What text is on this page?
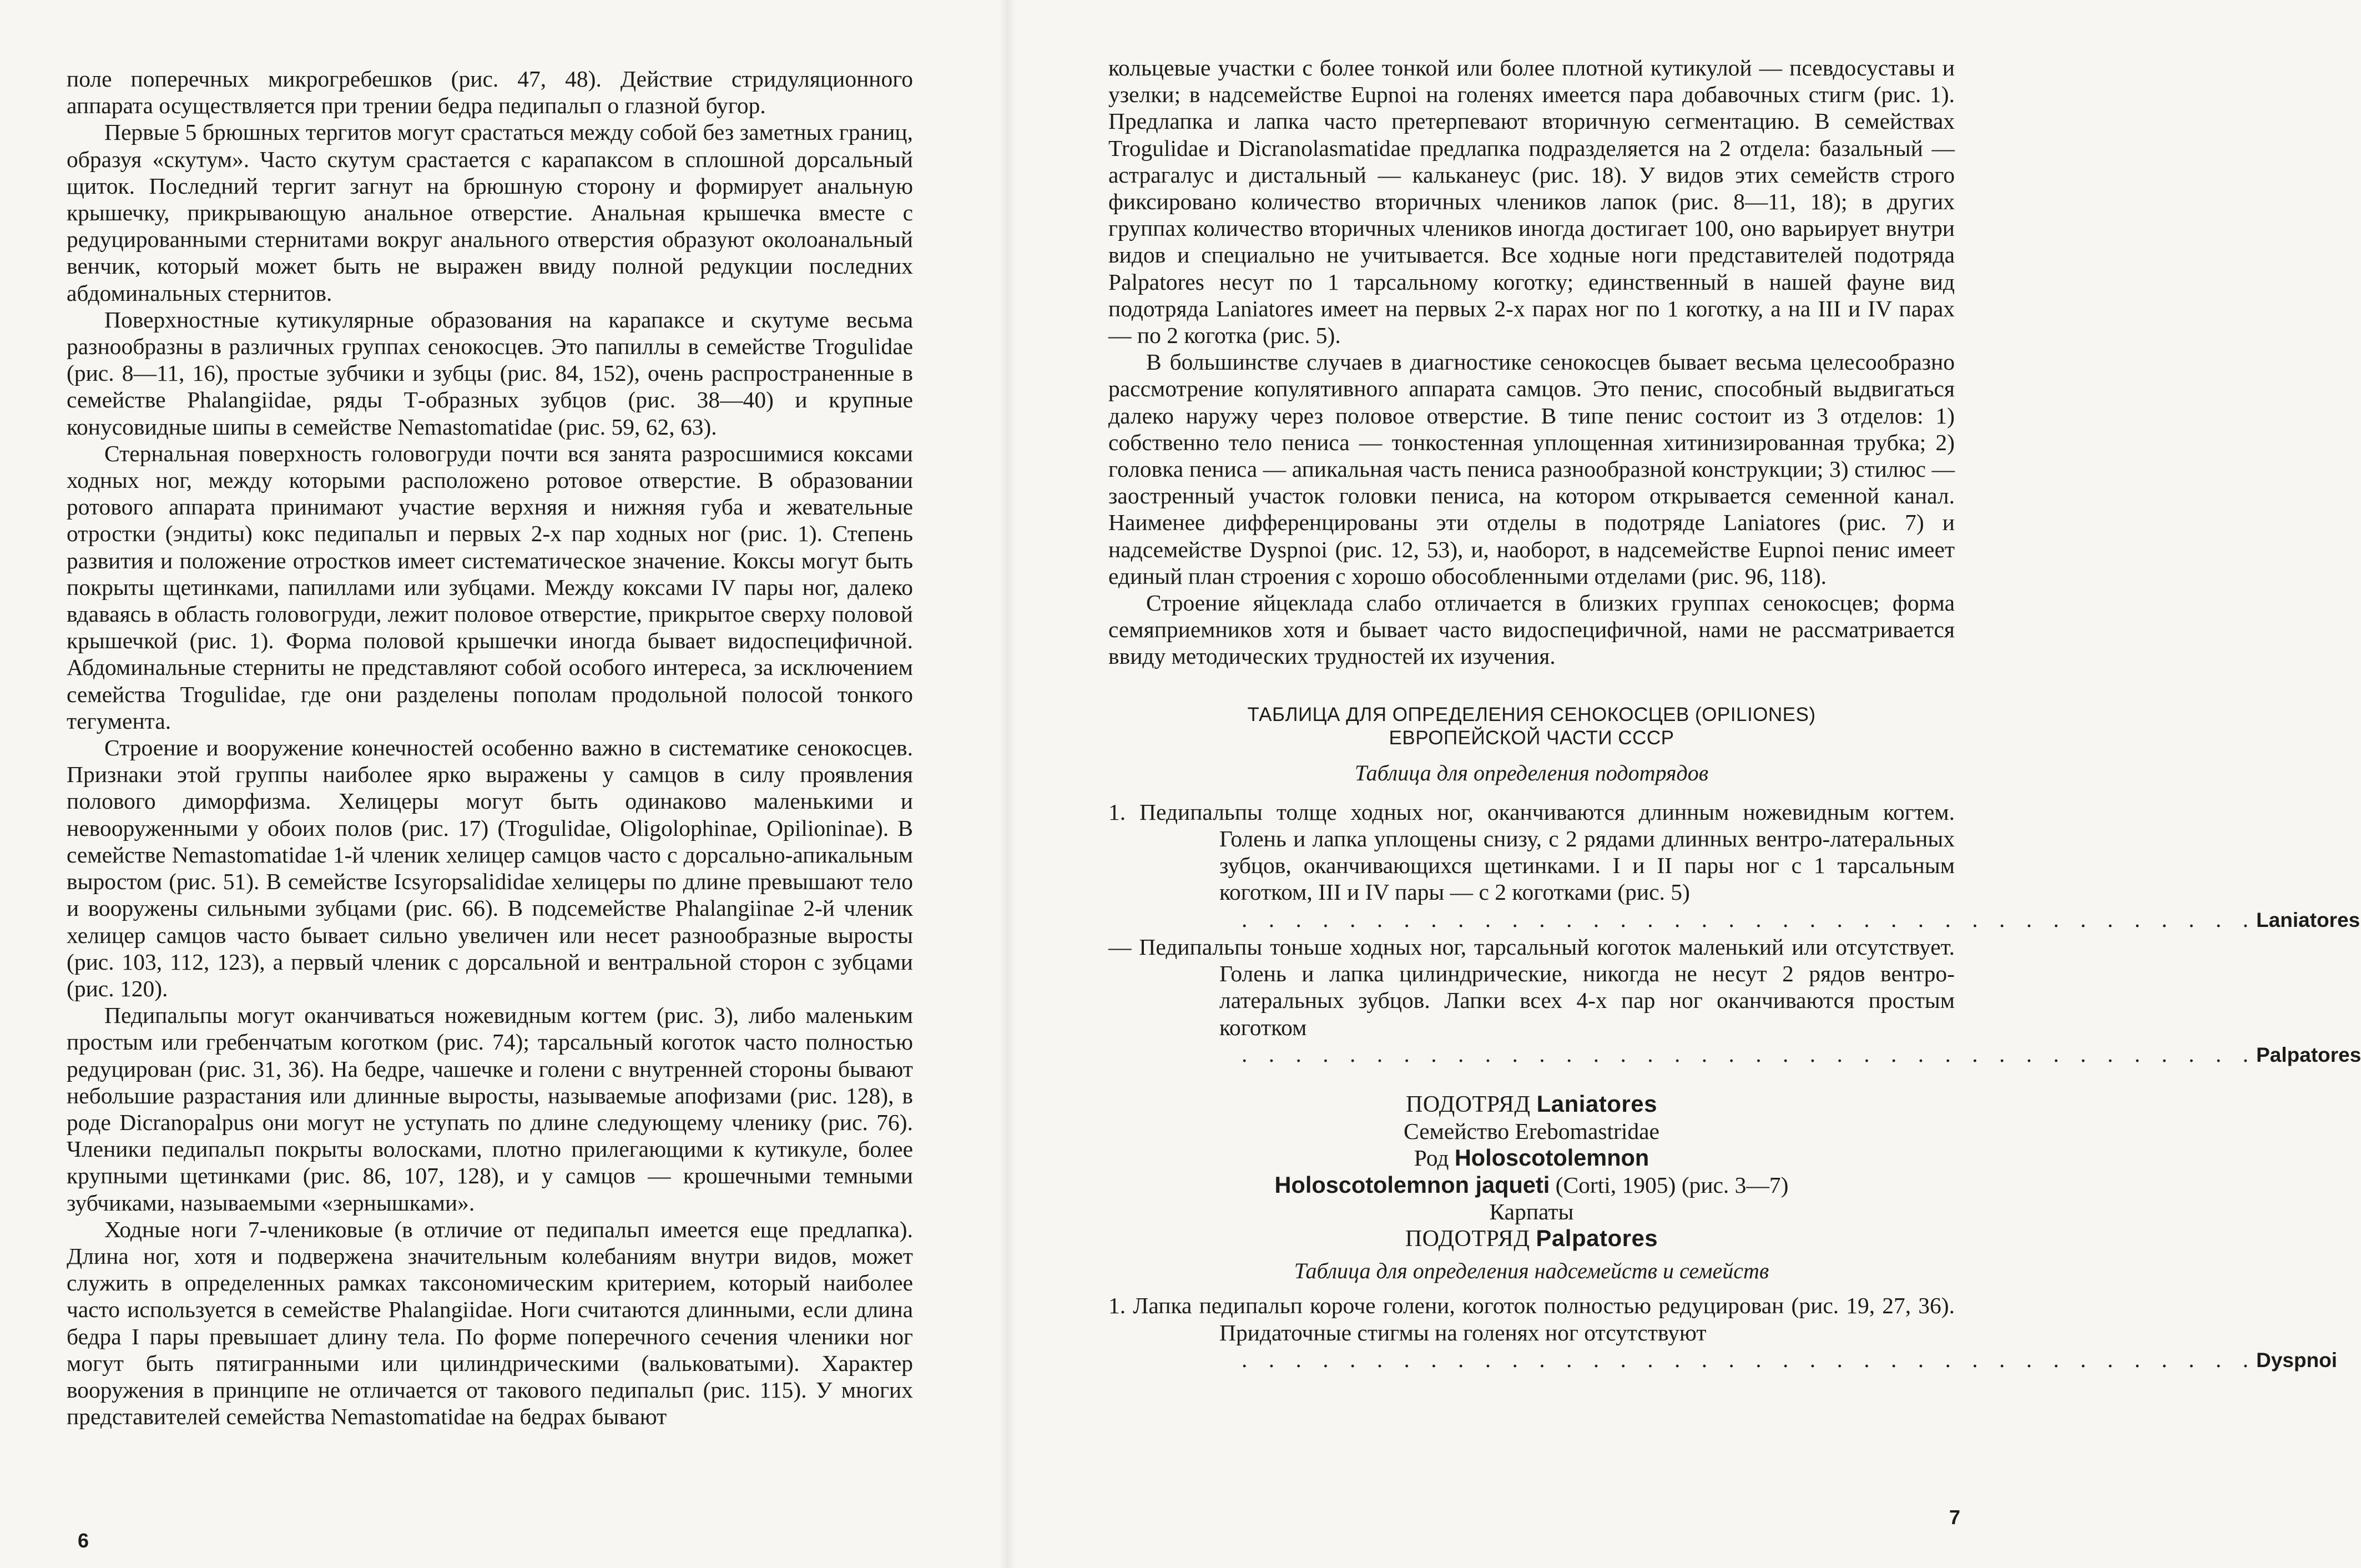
поле поперечных микрогребешков (рис. 47, 48). Действие стридуляционного аппарата осуществляется при трении бедра педипальп о глазной бугор.

Первые 5 брюшных тергитов могут срастаться между собой без заметных границ, образуя «скутум». Часто скутум срастается с карапаксом в сплошной дорсальный щиток. Последний тергит загнут на брюшную сторону и формирует анальную крышечку, прикрывающую анальное отверстие. Анальная крышечка вместе с редуцированными стернитами вокруг анального отверстия образуют околоанальный венчик, который может быть не выражен ввиду полной редукции последних абдоминальных стернитов.

Поверхностные кутикулярные образования на карапаксе и скутуме весьма разнообразны в различных группах сенокосцев. Это папиллы в семействе Trogulidae (рис. 8—11, 16), простые зубчики и зубцы (рис. 84, 152), очень распространенные в семействе Phalangiidae, ряды Т-образных зубцов (рис. 38—40) и крупные конусовидные шипы в семействе Nemastomatidae (рис. 59, 62, 63).

Стернальная поверхность головогруди почти вся занята разросшимися коксами ходных ног, между которыми расположено ротовое отверстие. В образовании ротового аппарата принимают участие верхняя и нижняя губа и жевательные отростки (эндиты) кокс педипальп и первых 2-х пар ходных ног (рис. 1). Степень развития и положение отростков имеет систематическое значение. Коксы могут быть покрыты щетинками, папиллами или зубцами. Между коксами IV пары ног, далеко вдаваясь в область головогруди, лежит половое отверстие, прикрытое сверху половой крышечкой (рис. 1). Форма половой крышечки иногда бывает видоспецифичной. Абдоминальные стерниты не представляют собой особого интереса, за исключением семейства Trogulidae, где они разделены пополам продольной полосой тонкого тегумента.

Строение и вооружение конечностей особенно важно в систематике сенокосцев. Признаки этой группы наиболее ярко выражены у самцов в силу проявления полового диморфизма. Хелицеры могут быть одинаково маленькими и невооруженными у обоих полов (рис. 17) (Trogulidae, Oligolophinae, Opilioninae). В семействе Nemastomatidae 1-й членик хелицер самцов часто с дорсально-апикальным выростом (рис. 51). В семействе Icsyropsalididae хелицеры по длине превышают тело и вооружены сильными зубцами (рис. 66). В подсемействе Phalangiinae 2-й членик хелицер самцов часто бывает сильно увеличен или несет разнообразные выросты (рис. 103, 112, 123), а первый членик с дорсальной и вентральной сторон с зубцами (рис. 120).

Педипальпы могут оканчиваться ножевидным когтем (рис. 3), либо маленьким простым или гребенчатым коготком (рис. 74); тарсальный коготок часто полностью редуцирован (рис. 31, 36). На бедре, чашечке и голени с внутренней стороны бывают небольшие разрастания или длинные выросты, называемые апофизами (рис. 128), в роде Dicranopalpus они могут не уступать по длине следующему членику (рис. 76). Членики педипальп покрыты волосками, плотно прилегающими к кутикуле, более крупными щетинками (рис. 86, 107, 128), и у самцов — крошечными темными зубчиками, называемыми «зернышками».

Ходные ноги 7-члениковые (в отличие от педипальп имеется еще предлапка). Длина ног, хотя и подвержена значительным колебаниям внутри видов, может служить в определенных рамках таксономическим критерием, который наиболее часто используется в семействе Phalangiidae. Ноги считаются длинными, если длина бедра I пары превышает длину тела. По форме поперечного сечения членики ног могут быть пятигранными или цилиндрическими (вальковатыми). Характер вооружения в принципе не отличается от такового педипальп (рис. 115). У многих представителей семейства Nemastomatidae на бедрах бывают

6

кольцевые участки с более тонкой или более плотной кутикулой — псевдосуставы и узелки; в надсемействе Eupnoi на голенях имеется пара добавочных стигм (рис. 1). Предлапка и лапка часто претерпевают вторичную сегментацию. В семействах Trogulidae и Dicranolasmatidae предлапка подразделяется на 2 отдела: базальный — астрагалус и дистальный — кальканеус (рис. 18). У видов этих семейств строго фиксировано количество вторичных члеников лапок (рис. 8—11, 18); в других группах количество вторичных члеников иногда достигает 100, оно варьирует внутри видов и специально не учитывается. Все ходные ноги представителей подотряда Palpatores несут по 1 тарсальному коготку; единственный в нашей фауне вид подотряда Laniatores имеет на первых 2-х парах ног по 1 коготку, а на III и IV парах — по 2 коготка (рис. 5).

В большинстве случаев в диагностике сенокосцев бывает весьма целесообразно рассмотрение копулятивного аппарата самцов. Это пенис, способный выдвигаться далеко наружу через половое отверстие. В типе пенис состоит из 3 отделов: 1) собственно тело пениса — тонкостенная уплощенная хитинизированная трубка; 2) головка пениса — апикальная часть пениса разнообразной конструкции; 3) стилюс — заостренный участок головки пениса, на котором открывается семенной канал. Наименее дифференцированы эти отделы в подотряде Laniatores (рис. 7) и надсемействе Dyspnoi (рис. 12, 53), и, наоборот, в надсемействе Eupnoi пенис имеет единый план строения с хорошо обособленными отделами (рис. 96, 118).

Строение яйцеклада слабо отличается в близких группах сенокосцев; форма семяприемников хотя и бывает часто видоспецифичной, нами не рассматривается ввиду методических трудностей их изучения.

ТАБЛИЦА ДЛЯ ОПРЕДЕЛЕНИЯ СЕНОКОСЦЕВ (OPILIONES)

ЕВРОПЕЙСКОЙ ЧАСТИ СССР

Таблица для определения подотрядов

1. Педипальпы толще ходных ног, оканчиваются длинным ножевидным когтем. Голень и лапка уплощены снизу, с 2 рядами длинных вентро-латеральных зубцов, оканчивающихся щетинками. I и II пары ног с 1 тарсальным коготком, III и IV пары — с 2 коготками (рис. 5)
. . . . . . . . . . . . . . . . . . . . . . . . . . . . . . . . . . . . . . Laniatores
— Педипальпы тоньше ходных ног, тарсальный коготок маленький или отсутствует. Голень и лапка цилиндрические, никогда не несут 2 рядов вентро-латеральных зубцов. Лапки всех 4-х пар ног оканчиваются простым коготком
. . . . . . . . . . . . . . . . . . . . . . . . . . . . . . . . . . . . . . Palpatores

ПОДОТРЯД Laniatores

Семейство Erebomastridae

Род Holoscotolemnon

Holoscotolemnon jaqueti (Corti, 1905) (рис. 3—7)

Карпаты

ПОДОТРЯД Palpatores

Таблица для определения надсемейств и семейств

1. Лапка педипальп короче голени, коготок полностью редуцирован (рис. 19, 27, 36). Придаточные стигмы на голенях ног отсутствуют
. . . . . . . . . . . . . . . . . . . . . . . . . . . . . . . . . . . . . . Dyspnoi
7
